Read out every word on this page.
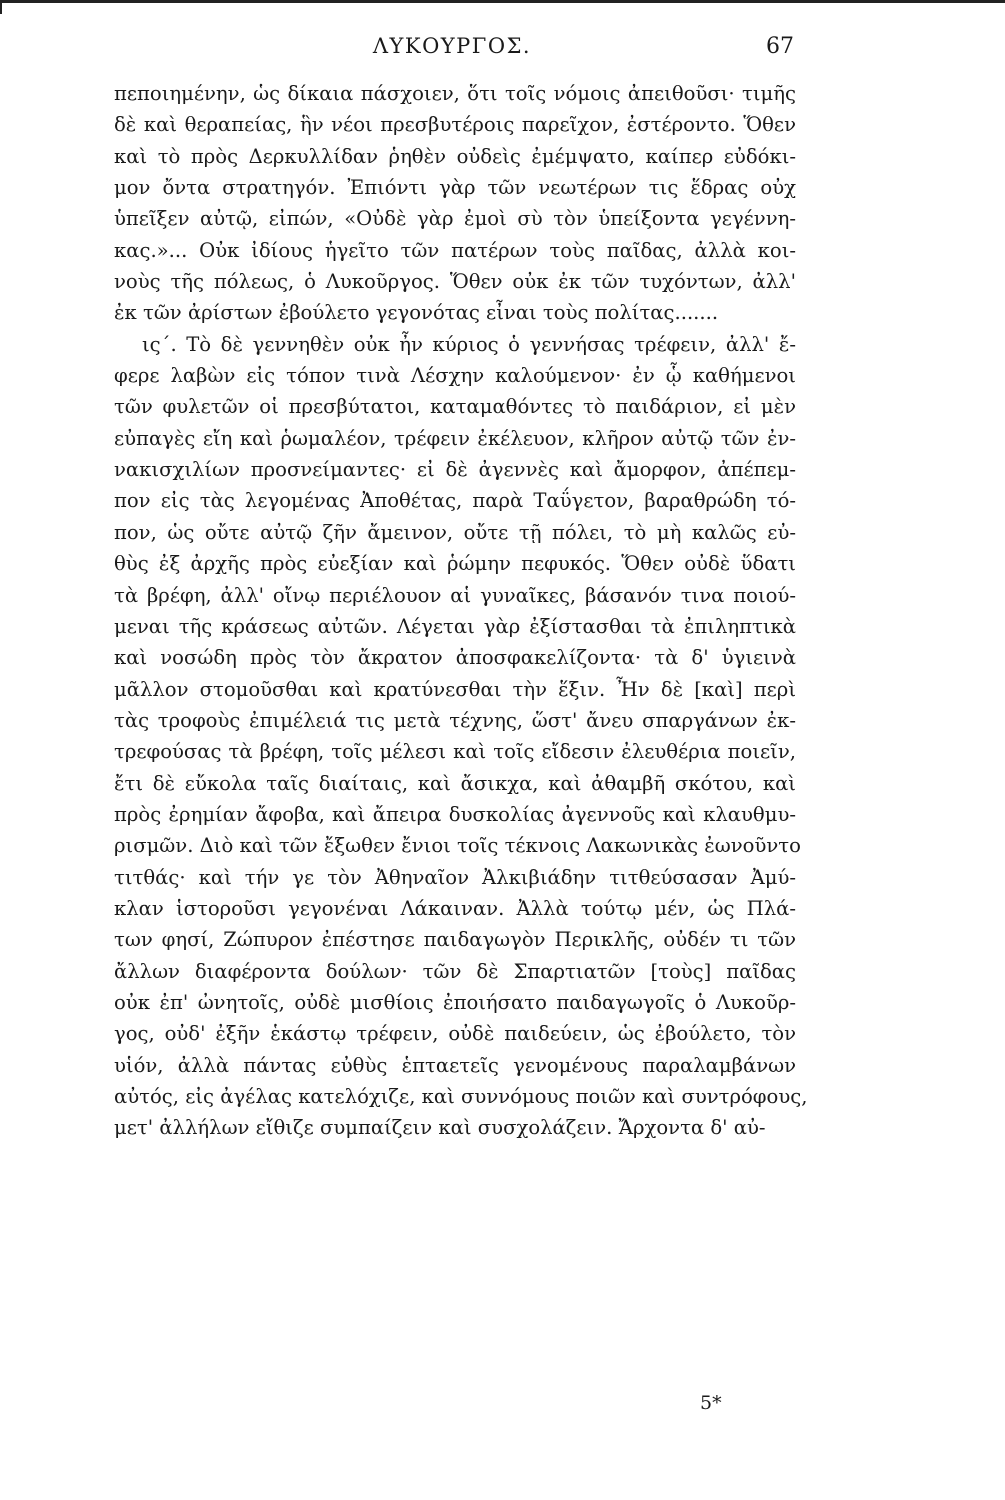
ΛΥΚΟΥΡΓΟΣ.	67
πεποιημένην, ὡς δίκαια πάσχοιεν, ὅτι τοῖς νόμοις ἀπειθοῦσι· τιμῆς
δὲ καὶ θεραπείας, ἣν νέοι πρεσβυτέροις παρεῖχον, ἐστέροντο. Ὅθεν
καὶ τὸ πρὸς Δερκυλλίδαν ῥηθὲν οὐδεὶς ἐμέμψατο, καίπερ εὐδόκι-
μον ὄντα στρατηγόν. Ἐπιόντι γὰρ τῶν νεωτέρων τις ἕδρας οὐχ
ὑπεῖξεν αὐτῷ, εἰπών, «Οὐδὲ γὰρ ἐμοὶ σὺ τὸν ὑπείξοντα γεγέννη-
κας.»... Οὐκ ἰδίους ἡγεῖτο τῶν πατέρων τοὺς παῖδας, ἀλλὰ κοι-
νοὺς τῆς πόλεως, ὁ Λυκοῦργος. Ὅθεν οὐκ ἐκ τῶν τυχόντων, ἀλλ'
ἐκ τῶν ἀρίστων ἐβούλετο γεγονότας εἶναι τοὺς πολίτας.......
ις΄. Τὸ δὲ γεννηθὲν οὐκ ἦν κύριος ὁ γεννήσας τρέφειν, ἀλλ' ἔ-
φερε λαβὼν εἰς τόπον τινὰ Λέσχην καλούμενον· ἐν ᾧ καθήμενοι
τῶν φυλετῶν οἱ πρεσβύτατοι, καταμαθόντες τὸ παιδάριον, εἰ μὲν
εὐπαγὲς εἴη καὶ ῥωμαλέον, τρέφειν ἐκέλευον, κλῆρον αὐτῷ τῶν ἐν-
νακισχιλίων προσνείμαντες· εἰ δὲ ἀγεννὲς καὶ ἄμορφον, ἀπέπεμ-
πον εἰς τὰς λεγομένας Ἀποθέτας, παρὰ Ταΰγετον, βαραθρώδη τό-
πον, ὡς οὔτε αὐτῷ ζῆν ἄμεινον, οὔτε τῇ πόλει, τὸ μὴ καλῶς εὐ-
θὺς ἐξ ἀρχῆς πρὸς εὐεξίαν καὶ ῥώμην πεφυκός. Ὅθεν οὐδὲ ὕδατι
τὰ βρέφη, ἀλλ' οἴνῳ περιέλουον αἱ γυναῖκες, βάσανόν τινα ποιού-
μεναι τῆς κράσεως αὐτῶν. Λέγεται γὰρ ἐξίστασθαι τὰ ἐπιληπτικὰ
καὶ νοσώδη πρὸς τὸν ἄκρατον ἀποσφακελίζοντα· τὰ δ' ὑγιεινὰ
μᾶλλον στομοῦσθαι καὶ κρατύνεσθαι τὴν ἕξιν. Ἦν δὲ [καὶ] περὶ
τὰς τροφοὺς ἐπιμέλειά τις μετὰ τέχνης, ὥστ' ἄνευ σπαργάνων ἐκ-
τρεφούσας τὰ βρέφη, τοῖς μέλεσι καὶ τοῖς εἴδεσιν ἐλευθέρια ποιεῖν,
ἔτι δὲ εὔκολα ταῖς διαίταις, καὶ ἄσικχα, καὶ ἀθαμβῆ σκότου, καὶ
πρὸς ἐρημίαν ἄφοβα, καὶ ἄπειρα δυσκολίας ἀγεννοῦς καὶ κλαυθμυ-
ρισμῶν. Διὸ καὶ τῶν ἔξωθεν ἔνιοι τοῖς τέκνοις Λακωνικὰς ἐωνοῦντο
τιτθάς· καὶ τήν γε τὸν Ἀθηναῖον Ἀλκιβιάδην τιτθεύσασαν Ἀμύ-
κλαν ἱστοροῦσι γεγονέναι Λάκαιναν. Ἀλλὰ τούτῳ μέν, ὡς Πλά-
των φησί, Ζώπυρον ἐπέστησε παιδαγωγὸν Περικλῆς, οὐδέν τι τῶν
ἄλλων διαφέροντα δούλων· τῶν δὲ Σπαρτιατῶν [τοὺς] παῖδας
οὐκ ἐπ' ὠνητοῖς, οὐδὲ μισθίοις ἐποιήσατο παιδαγωγοῖς ὁ Λυκοῦρ-
γος, οὐδ' ἐξῆν ἑκάστῳ τρέφειν, οὐδὲ παιδεύειν, ὡς ἐβούλετο, τὸν
υἱόν, ἀλλὰ πάντας εὐθὺς ἑπταετεῖς γενομένους παραλαμβάνων
αὐτός, εἰς ἀγέλας κατελόχιζε, καὶ συννόμους ποιῶν καὶ συντρόφους,
μετ' ἀλλήλων εἴθιζε συμπαίζειν καὶ συσχολάζειν. Ἄρχοντα δ' αὐ-
5*
